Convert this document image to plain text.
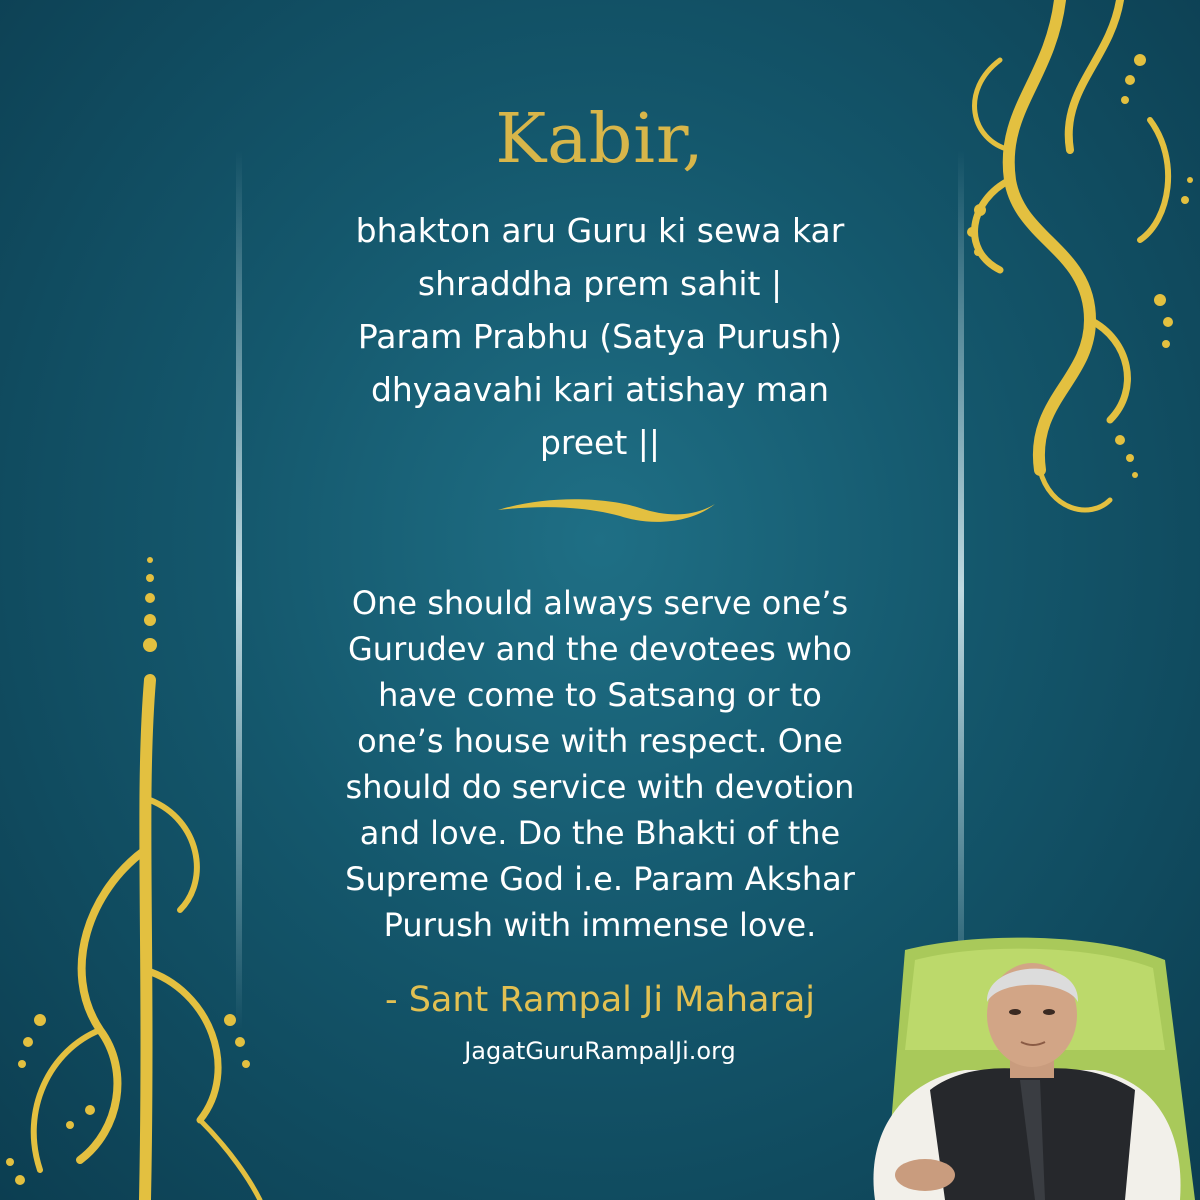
Kabir,
bhakton aru Guru ki sewa kar
shraddha prem sahit |
Param Prabhu (Satya Purush)
dhyaavahi kari atishay man
preet ||
One should always serve one’s
Gurudev and the devotees who
have come to Satsang or to
one’s house with respect. One
should do service with devotion
and love. Do the Bhakti of the
Supreme God i.e. Param Akshar
Purush with immense love.
- Sant Rampal Ji Maharaj
JagatGuruRampalJi.org
